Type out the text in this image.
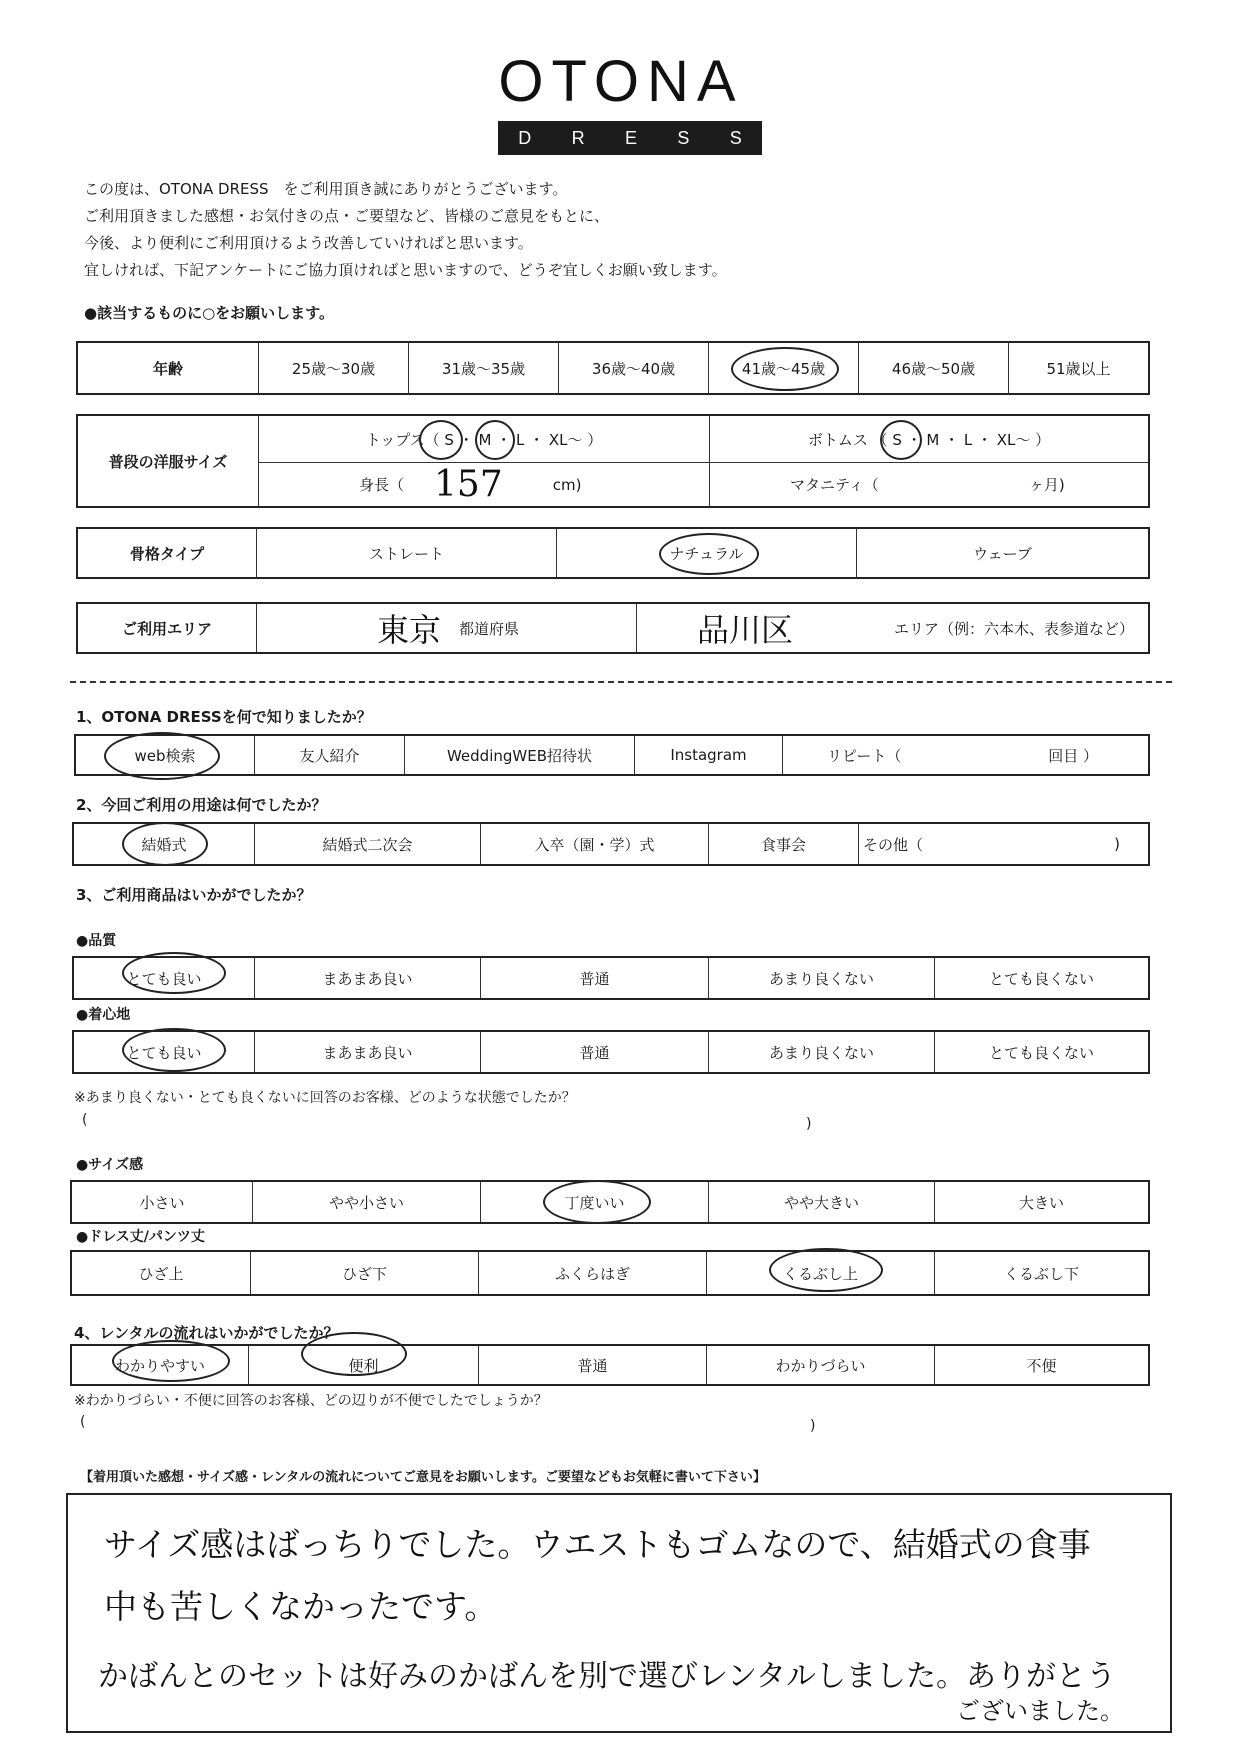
OTONA
D R E S S
この度は、OTONA DRESS　をご利用頂き誠にありがとうございます。
ご利用頂きました感想・お気付きの点・ご要望など、皆様のご意見をもとに、
今後、より便利にご利用頂けるよう改善していければと思います。
宜しければ、下記アンケートにご協力頂ければと思いますので、どうぞ宜しくお願い致します。
●該当するものに○をお願いします。
年齢	25歳〜30歳	31歳〜35歳	36歳〜40歳	41歳〜45歳	46歳〜50歳	51歳以上
普段の洋服サイズ
トップス（ S ・ M ・ L ・ XL〜 ）	ボトムス （ S ・ M ・ L ・ XL〜 ）
身長（ 157	cm)	マタニティ（	ヶ月)
骨格タイプ	ストレート	ナチュラル	ウェーブ
ご利用エリア	東京 都道府県	品川区	エリア（例：六本木、表参道など）
1、OTONA DRESSを何で知りましたか？
web検索	友人紹介	WeddingWEB招待状	Instagram	リピート（	回目 ）
2、今回ご利用の用途は何でしたか？
結婚式	結婚式二次会	入卒（園・学）式	食事会	その他（	)
3、ご利用商品はいかがでしたか？
●品質
とても良い	まあまあ良い	普通	あまり良くない	とても良くない
●着心地
とても良い	まあまあ良い	普通	あまり良くない	とても良くない
※あまり良くない・とても良くないに回答のお客様、どのような状態でしたか？
(	)
●サイズ感
小さい	やや小さい	丁度いい	やや大きい	大きい
●ドレス丈/パンツ丈
ひざ上	ひざ下	ふくらはぎ	くるぶし上	くるぶし下
4、レンタルの流れはいかがでしたか？
わかりやすい	便利	普通	わかりづらい	不便
※わかりづらい・不便に回答のお客様、どの辺りが不便でしたでしょうか？
(	)
【着用頂いた感想・サイズ感・レンタルの流れについてご意見をお願いします。ご要望などもお気軽に書いて下さい】
サイズ感はばっちりでした。ウエストもゴムなので、結婚式の食事
中も苦しくなかったです。
かばんとのセットは好みのかばんを別で選びレンタルしました。ありがとう
ございました。
